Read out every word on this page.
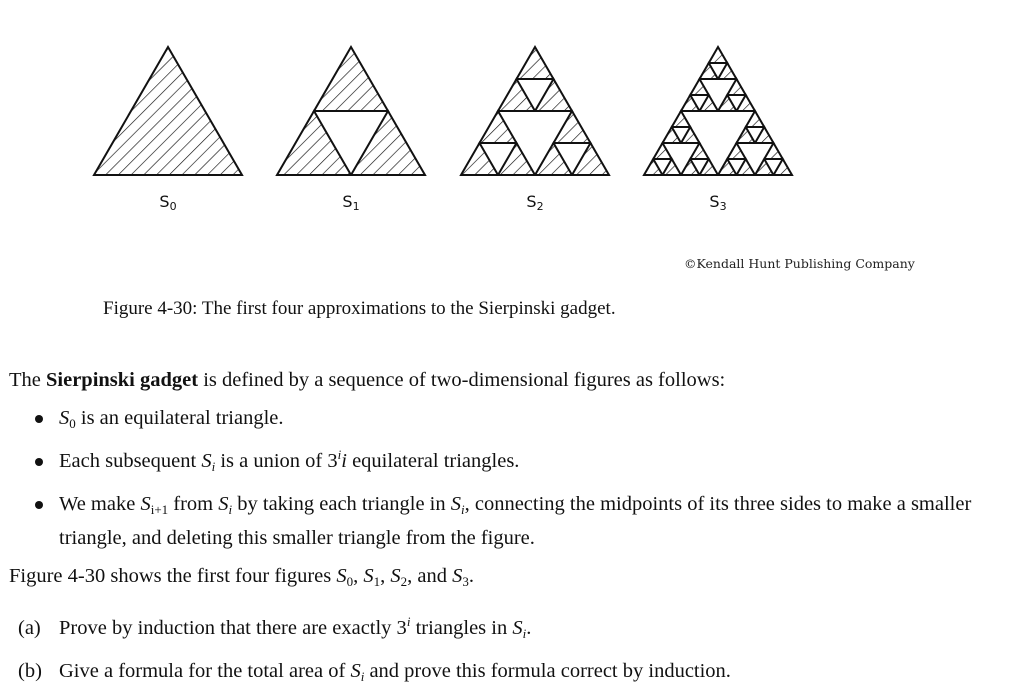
$S_0$	$S_1$	$S_2$	$S_3$
©Kendall Hunt Publishing Company
Figure 4-30: The first four approximations to the Sierpinski gadget.

The Sierpinski gadget is defined by a sequence of two-dimensional figures as follows:

$S_0$ is an equilateral triangle.
Each subsequent $S_i$ is a union of 3$^i$i equilateral triangles.
We make $S_{i+1}$ from $S_i$ by taking each triangle in $S_i$, connecting the midpoints of its three sides to make a smaller triangle, and deleting this smaller triangle from the figure.

Figure 4-30 shows the first four figures $S_0$, $S_1$, $S_2$, and $S_3$.

(a) Prove by induction that there are exactly 3$^i$ triangles in $S_i$.
(b) Give a formula for the total area of $S_i$ and prove this formula correct by induction.
